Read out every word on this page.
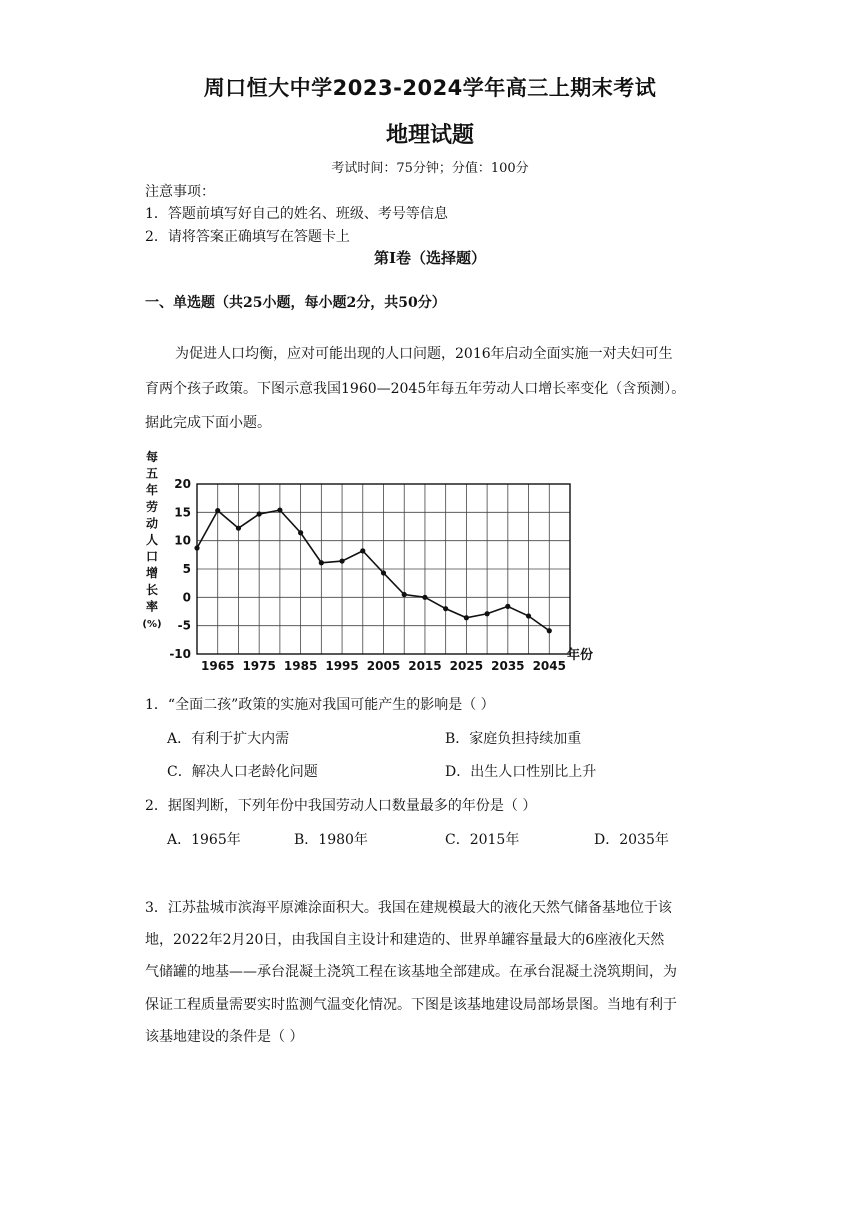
周口恒大中学2023-2024学年高三上期末考试
地理试题
考试时间：75分钟；分值：100分
注意事项：
1．答题前填写好自己的姓名、班级、考号等信息
2．请将答案正确填写在答题卡上
第Ⅰ卷（选择题）
一、单选题（共25小题，每小题2分，共50分）
为促进人口均衡，应对可能出现的人口问题，2016年启动全面实施一对夫妇可生
育两个孩子政策。下图示意我国1960—2045年每五年劳动人口增长率变化（含预测）。
据此完成下面小题。
每
五
年
劳
动
人
口
增
长
率
(%)
20
15
10
5
0
-5
-10
1965 1975 1985 1995 2005 2015 2025 2035 2045
年份
1．“全面二孩”政策的实施对我国可能产生的影响是（ ）
A．有利于扩大内需	B．家庭负担持续加重
C．解决人口老龄化问题	D．出生人口性别比上升
2．据图判断，下列年份中我国劳动人口数量最多的年份是（ ）
A．1965年	B．1980年	C．2015年	D．2035年
3．江苏盐城市滨海平原滩涂面积大。我国在建规模最大的液化天然气储备基地位于该
地，2022年2月20日，由我国自主设计和建造的、世界单罐容量最大的6座液化天然
气储罐的地基——承台混凝土浇筑工程在该基地全部建成。在承台混凝土浇筑期间，为
保证工程质量需要实时监测气温变化情况。下图是该基地建设局部场景图。当地有利于
该基地建设的条件是（ ）
